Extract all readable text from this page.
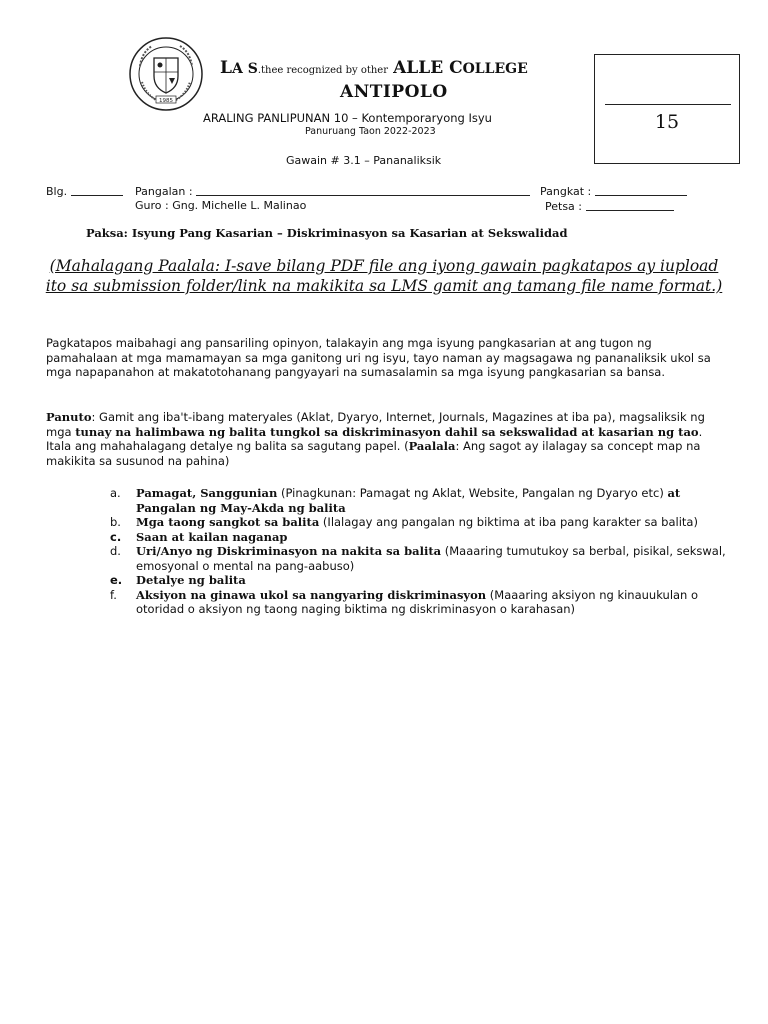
1985
LA S.thee recognized by other ALLE COLLEGE
ANTIPOLO
ARALING PANLIPUNAN 10 – Kontemporaryong Isyu
Panuruang Taon 2022-2023
Gawain # 3.1 – Pananaliksik
15
Blg.	Pangalan :	Pangkat :
Guro : Gng. Michelle L. Malinao	Petsa :
Paksa: Isyung Pang Kasarian – Diskriminasyon sa Kasarian at Sekswalidad
(Mahalagang Paalala: I-save bilang PDF file ang iyong gawain pagkatapos ay iupload ito sa submission folder/link na makikita sa LMS gamit ang tamang file name format.)
Pagkatapos maibahagi ang pansariling opinyon, talakayin ang mga isyung pangkasarian at ang tugon ng pamahalaan at mga mamamayan sa mga ganitong uri ng isyu, tayo naman ay magsagawa ng pananaliksik ukol sa mga napapanahon at makatotohanang pangyayari na sumasalamin sa mga isyung pangkasarian sa bansa.
Panuto: Gamit ang iba't-ibang materyales (Aklat, Dyaryo, Internet, Journals, Magazines at iba pa), magsaliksik ng mga tunay na halimbawa ng balita tungkol sa diskriminasyon dahil sa sekswalidad at kasarian ng tao. Itala ang mahahalagang detalye ng balita sa sagutang papel. (Paalala: Ang sagot ay ilalagay sa concept map na makikita sa susunod na pahina)
a.	Pamagat, Sanggunian (Pinagkunan: Pamagat ng Aklat, Website, Pangalan ng Dyaryo etc) at Pangalan ng May-Akda ng balita
b.	Mga taong sangkot sa balita (Ilalagay ang pangalan ng biktima at iba pang karakter sa balita)
c.	Saan at kailan naganap
d.	Uri/Anyo ng Diskriminasyon na nakita sa balita (Maaaring tumutukoy sa berbal, pisikal, sekswal, emosyonal o mental na pang-aabuso)
e.	Detalye ng balita
f.	Aksiyon na ginawa ukol sa nangyaring diskriminasyon (Maaaring aksiyon ng kinauukulan o otoridad o aksiyon ng taong naging biktima ng diskriminasyon o karahasan)
